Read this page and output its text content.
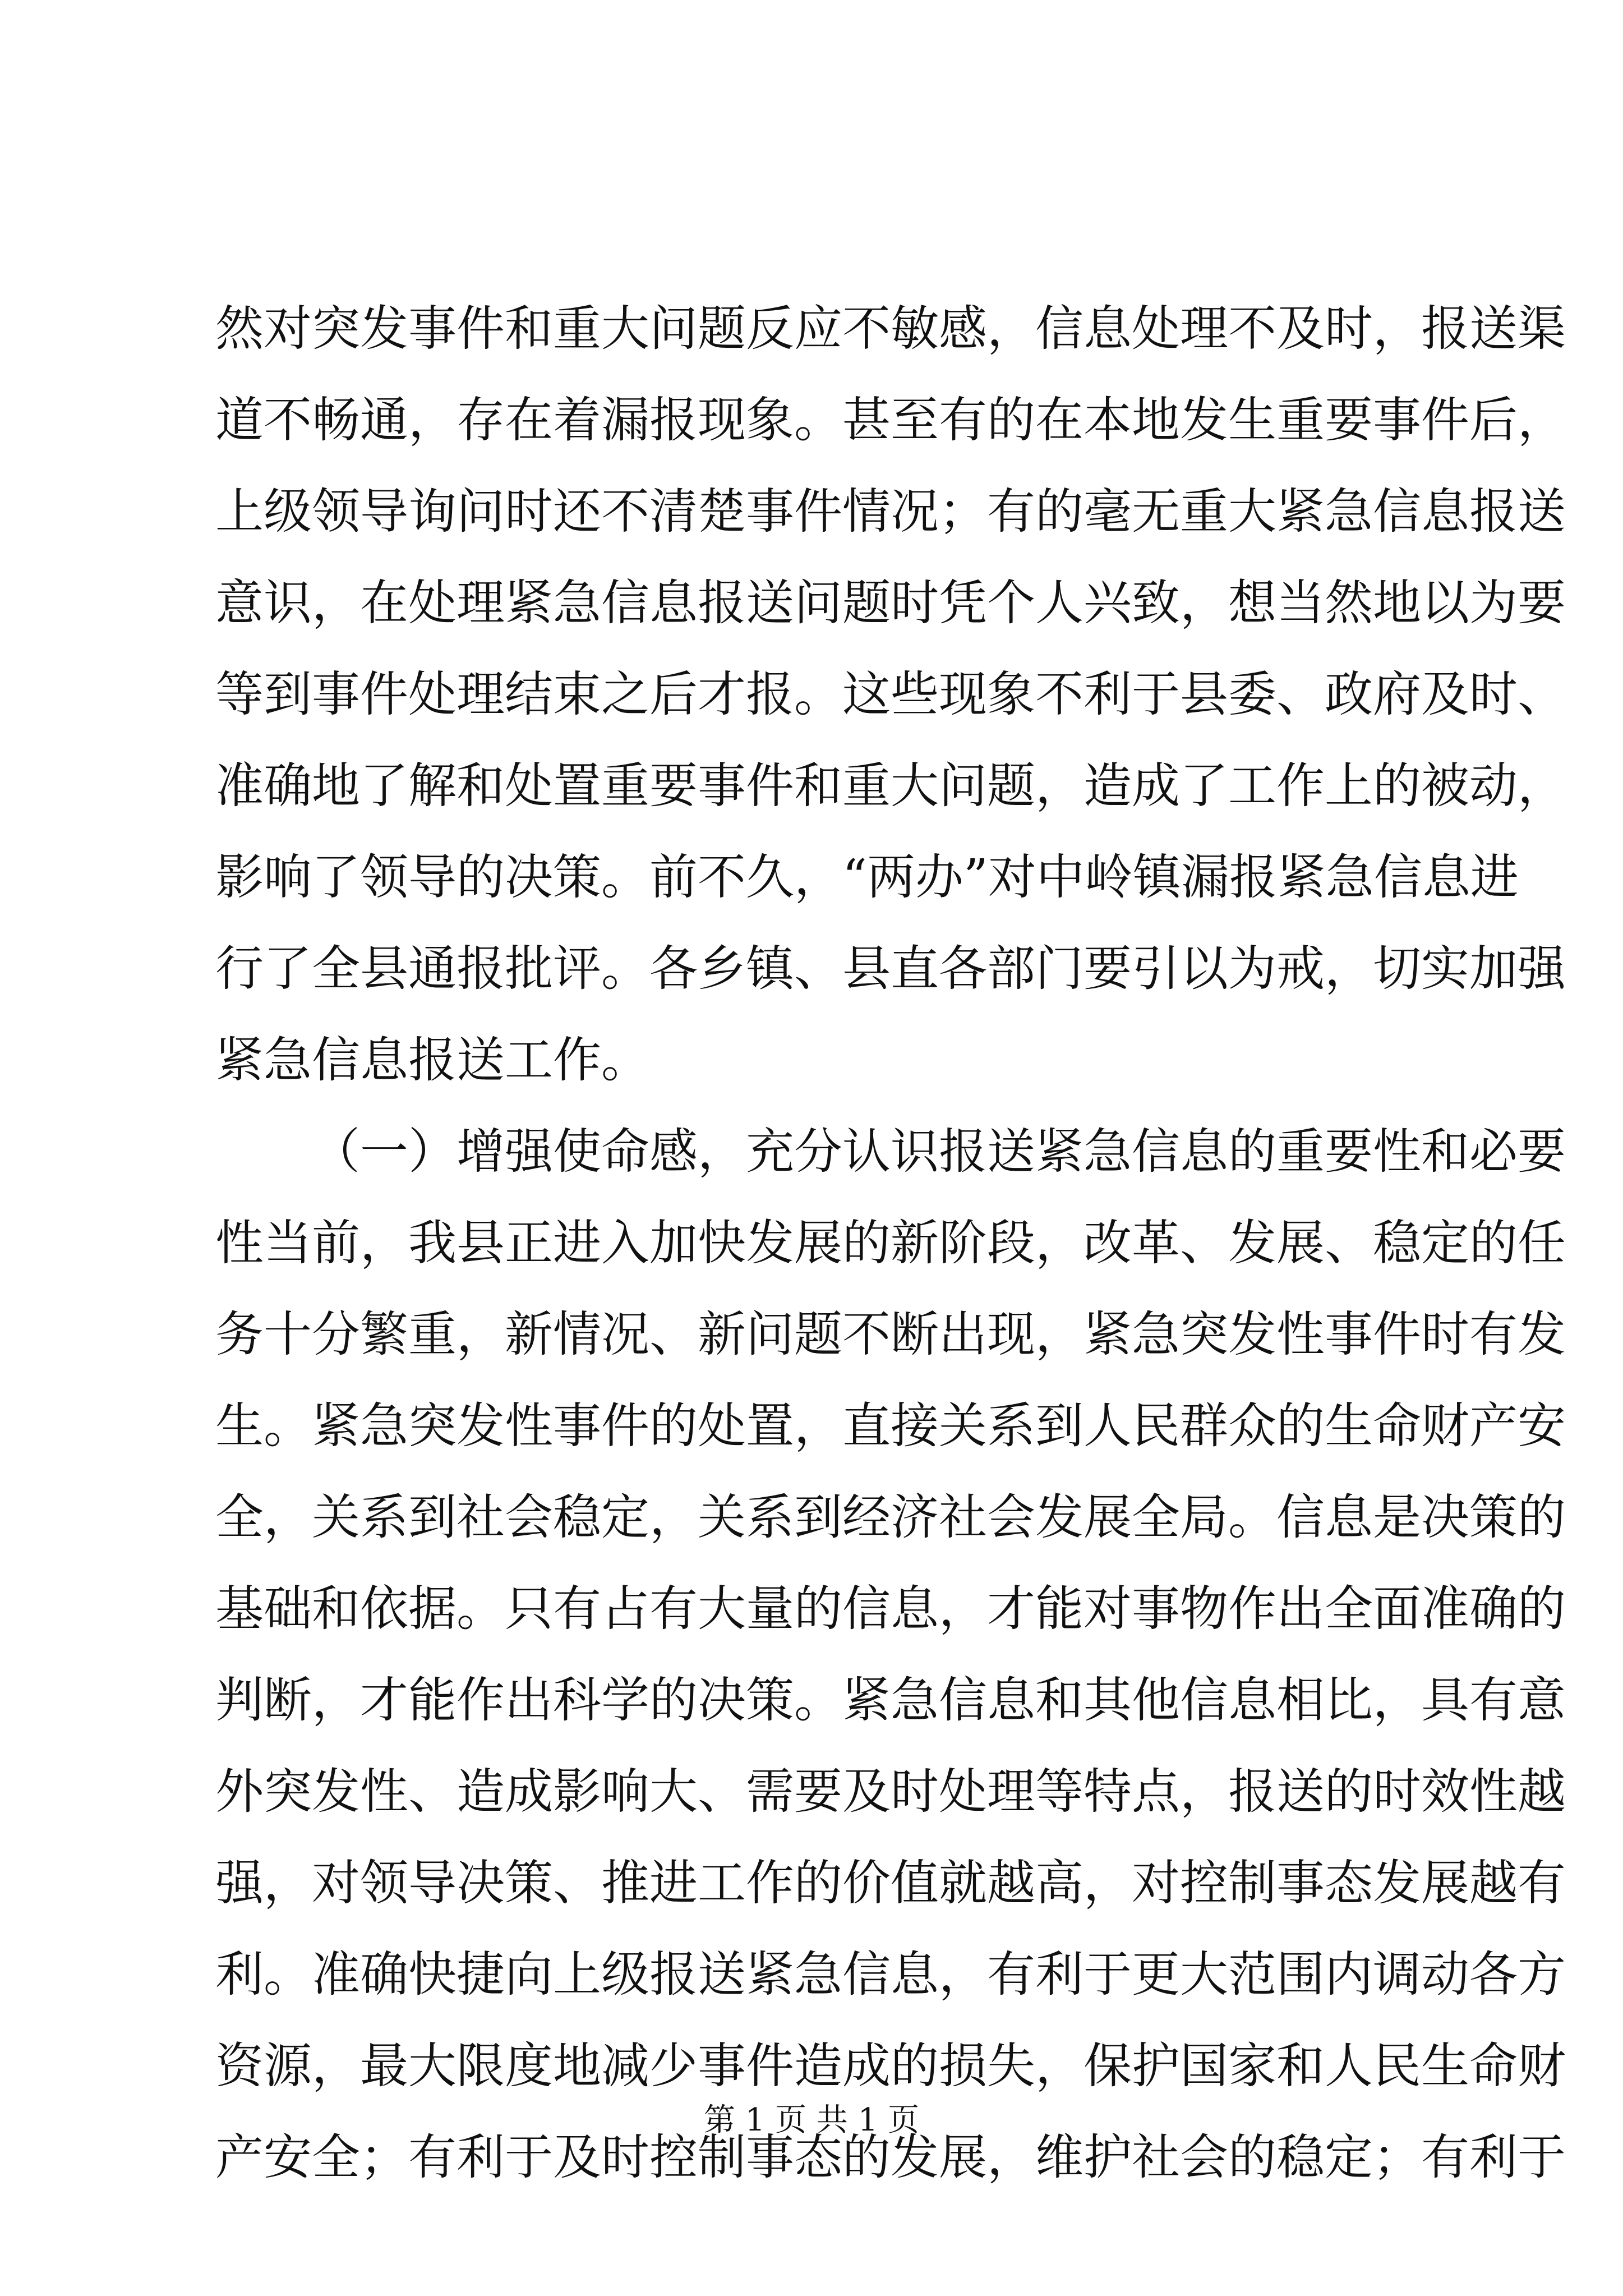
然对突发事件和重大问题反应不敏感，信息处理不及时，报送渠
道不畅通，存在着漏报现象。甚至有的在本地发生重要事件后，
上级领导询问时还不清楚事件情况；有的毫无重大紧急信息报送
意识，在处理紧急信息报送问题时凭个人兴致，想当然地以为要
等到事件处理结束之后才报。这些现象不利于县委、政府及时、
准确地了解和处置重要事件和重大问题，造成了工作上的被动，
影响了领导的决策。前不久，“两办”对中岭镇漏报紧急信息进
行了全县通报批评。各乡镇、县直各部门要引以为戒，切实加强
紧急信息报送工作。
（一）增强使命感，充分认识报送紧急信息的重要性和必要
性当前，我县正进入加快发展的新阶段，改革、发展、稳定的任
务十分繁重，新情况、新问题不断出现，紧急突发性事件时有发
生。紧急突发性事件的处置，直接关系到人民群众的生命财产安
全，关系到社会稳定，关系到经济社会发展全局。信息是决策的
基础和依据。只有占有大量的信息，才能对事物作出全面准确的
判断，才能作出科学的决策。紧急信息和其他信息相比，具有意
外突发性、造成影响大、需要及时处理等特点，报送的时效性越
强，对领导决策、推进工作的价值就越高，对控制事态发展越有
利。准确快捷向上级报送紧急信息，有利于更大范围内调动各方
资源，最大限度地减少事件造成的损失，保护国家和人民生命财
产安全；有利于及时控制事态的发展，维护社会的稳定；有利于
第 1 页 共 1 页
